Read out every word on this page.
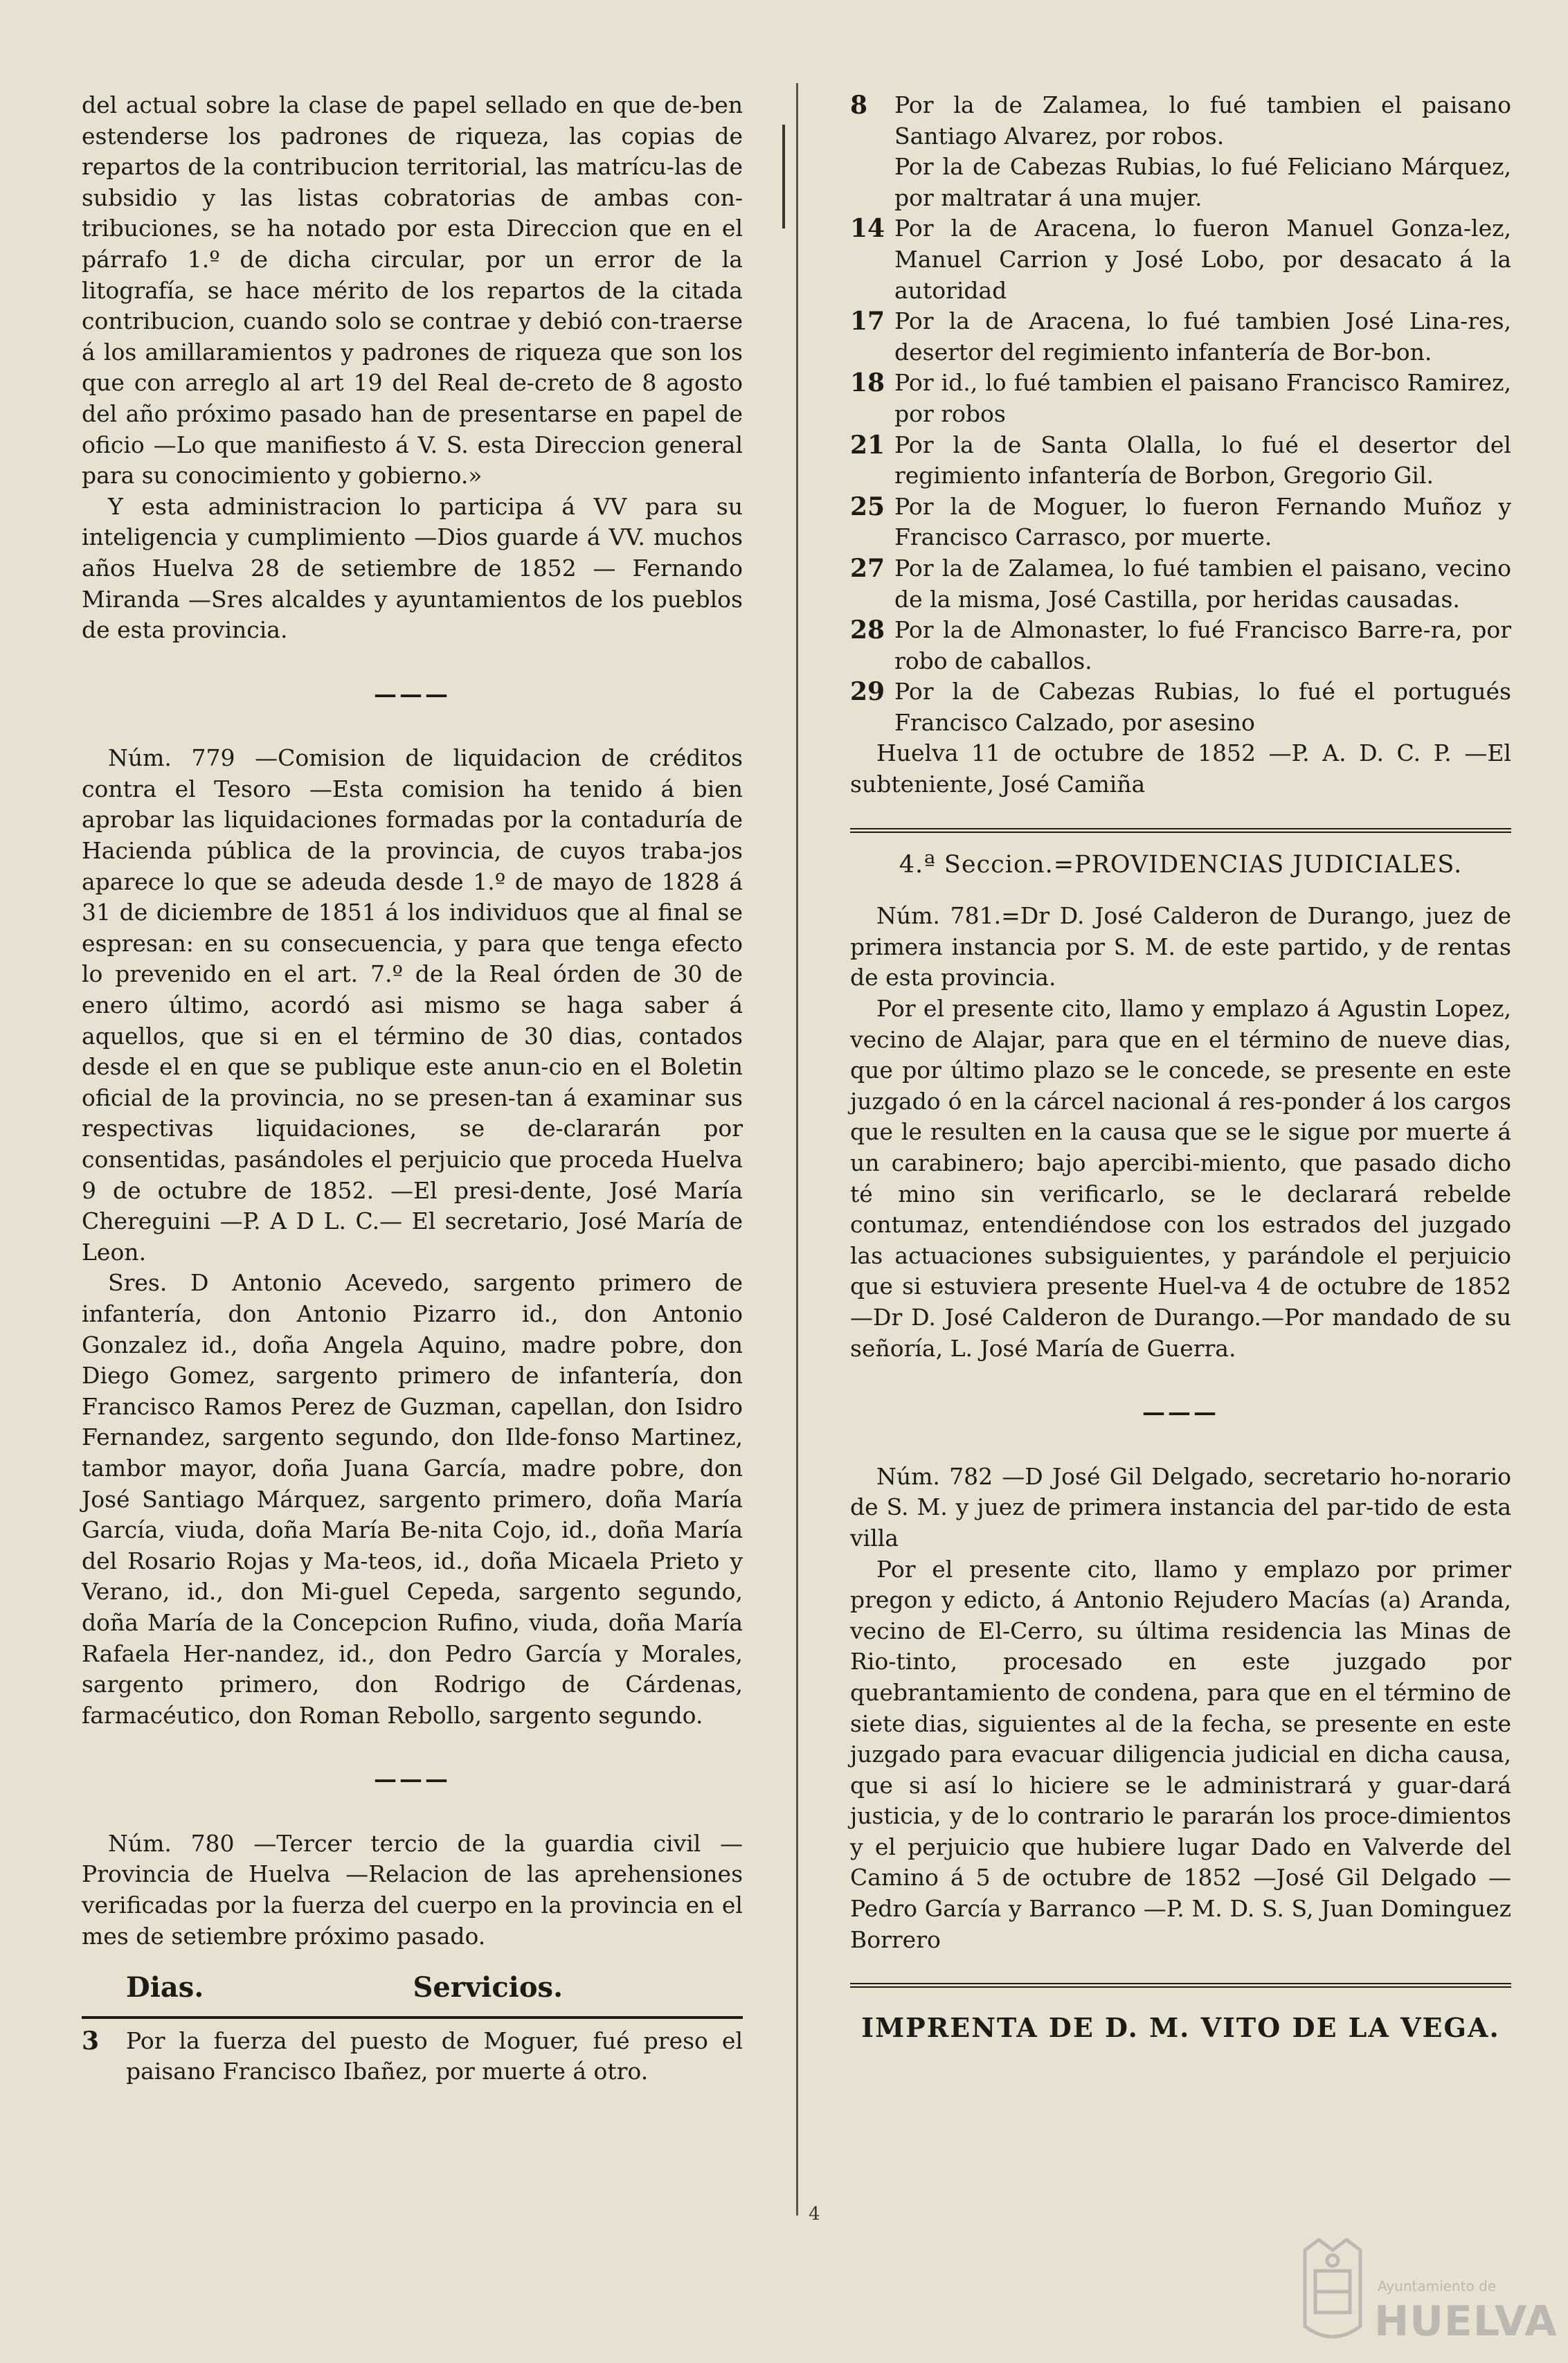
del actual sobre la clase de papel sellado en que de-ben estenderse los padrones de riqueza, las copias de repartos de la contribucion territorial, las matrícu-las de subsidio y las listas cobratorias de ambas con-tribuciones, se ha notado por esta Direccion que en el párrafo 1.º de dicha circular, por un error de la litografía, se hace mérito de los repartos de la citada contribucion, cuando solo se contrae y debió con-traerse á los amillaramientos y padrones de riqueza que son los que con arreglo al art 19 del Real de-creto de 8 agosto del año próximo pasado han de presentarse en papel de oficio —Lo que manifiesto á V. S. esta Direccion general para su conocimiento y gobierno.»

Y esta administracion lo participa á VV para su inteligencia y cumplimiento —Dios guarde á VV. muchos años Huelva 28 de setiembre de 1852 — Fernando Miranda —Sres alcaldes y ayuntamientos de los pueblos de esta provincia.

———

Núm. 779 —Comision de liquidacion de créditos contra el Tesoro —Esta comision ha tenido á bien aprobar las liquidaciones formadas por la contaduría de Hacienda pública de la provincia, de cuyos traba-jos aparece lo que se adeuda desde 1.º de mayo de 1828 á 31 de diciembre de 1851 á los individuos que al final se espresan: en su consecuencia, y para que tenga efecto lo prevenido en el art. 7.º de la Real órden de 30 de enero último, acordó asi mismo se haga saber á aquellos, que si en el término de 30 dias, contados desde el en que se publique este anun-cio en el Boletin oficial de la provincia, no se presen-tan á examinar sus respectivas liquidaciones, se de-clararán por consentidas, pasándoles el perjuicio que proceda Huelva 9 de octubre de 1852. —El presi-dente, José María Chereguini —P. A D L. C.— El secretario, José María de Leon.

Sres. D Antonio Acevedo, sargento primero de infantería, don Antonio Pizarro id., don Antonio Gonzalez id., doña Angela Aquino, madre pobre, don Diego Gomez, sargento primero de infantería, don Francisco Ramos Perez de Guzman, capellan, don Isidro Fernandez, sargento segundo, don Ilde-fonso Martinez, tambor mayor, doña Juana García, madre pobre, don José Santiago Márquez, sargento primero, doña María García, viuda, doña María Be-nita Cojo, id., doña María del Rosario Rojas y Ma-teos, id., doña Micaela Prieto y Verano, id., don Mi-guel Cepeda, sargento segundo, doña María de la Concepcion Rufino, viuda, doña María Rafaela Her-nandez, id., don Pedro García y Morales, sargento primero, don Rodrigo de Cárdenas, farmacéutico, don Roman Rebollo, sargento segundo.

———

Núm. 780 —Tercer tercio de la guardia civil — Provincia de Huelva —Relacion de las aprehensiones verificadas por la fuerza del cuerpo en la provincia en el mes de setiembre próximo pasado.

Dias.	Servicios.
3	Por la fuerza del puesto de Moguer, fué preso el paisano Francisco Ibañez, por muerte á otro.
8	Por la de Zalamea, lo fué tambien el paisano Santiago Alvarez, por robos.
Por la de Cabezas Rubias, lo fué Feliciano Márquez, por maltratar á una mujer.
14 Por la de Aracena, lo fueron Manuel Gonza-lez, Manuel Carrion y José Lobo, por desacato á la autoridad
17 Por la de Aracena, lo fué tambien José Lina-res, desertor del regimiento infantería de Bor-bon.
18 Por id., lo fué tambien el paisano Francisco Ramirez, por robos
21 Por la de Santa Olalla, lo fué el desertor del regimiento infantería de Borbon, Gregorio Gil.
25 Por la de Moguer, lo fueron Fernando Muñoz y Francisco Carrasco, por muerte.
27 Por la de Zalamea, lo fué tambien el paisano, vecino de la misma, José Castilla, por heridas causadas.
28 Por la de Almonaster, lo fué Francisco Barre-ra, por robo de caballos.
29 Por la de Cabezas Rubias, lo fué el portugués Francisco Calzado, por asesino

Huelva 11 de octubre de 1852 —P. A. D. C. P. —El subteniente, José Camiña

4.ª Seccion.=PROVIDENCIAS JUDICIALES.

Núm. 781.=Dr D. José Calderon de Durango, juez de primera instancia por S. M. de este partido, y de rentas de esta provincia.

Por el presente cito, llamo y emplazo á Agustin Lopez, vecino de Alajar, para que en el término de nueve dias, que por último plazo se le concede, se presente en este juzgado ó en la cárcel nacional á res-ponder á los cargos que le resulten en la causa que se le sigue por muerte á un carabinero; bajo apercibi-miento, que pasado dicho té mino sin verificarlo, se le declarará rebelde contumaz, entendiéndose con los estrados del juzgado las actuaciones subsiguientes, y parándole el perjuicio que si estuviera presente Huel-va 4 de octubre de 1852 —Dr D. José Calderon de Durango.—Por mandado de su señoría, L. José María de Guerra.

———

Núm. 782 —D José Gil Delgado, secretario ho-norario de S. M. y juez de primera instancia del par-tido de esta villa

Por el presente cito, llamo y emplazo por primer pregon y edicto, á Antonio Rejudero Macías (a) Aranda, vecino de El-Cerro, su última residencia las Minas de Rio-tinto, procesado en este juzgado por quebrantamiento de condena, para que en el término de siete dias, siguientes al de la fecha, se presente en este juzgado para evacuar diligencia judicial en dicha causa, que si así lo hiciere se le administrará y guar-dará justicia, y de lo contrario le pararán los proce-dimientos y el perjuicio que hubiere lugar Dado en Valverde del Camino á 5 de octubre de 1852 —José Gil Delgado —Pedro García y Barranco —P. M. D. S. S, Juan Dominguez Borrero

IMPRENTA DE D. M. VITO DE LA VEGA.
4
Ayuntamiento de
HUELVA
